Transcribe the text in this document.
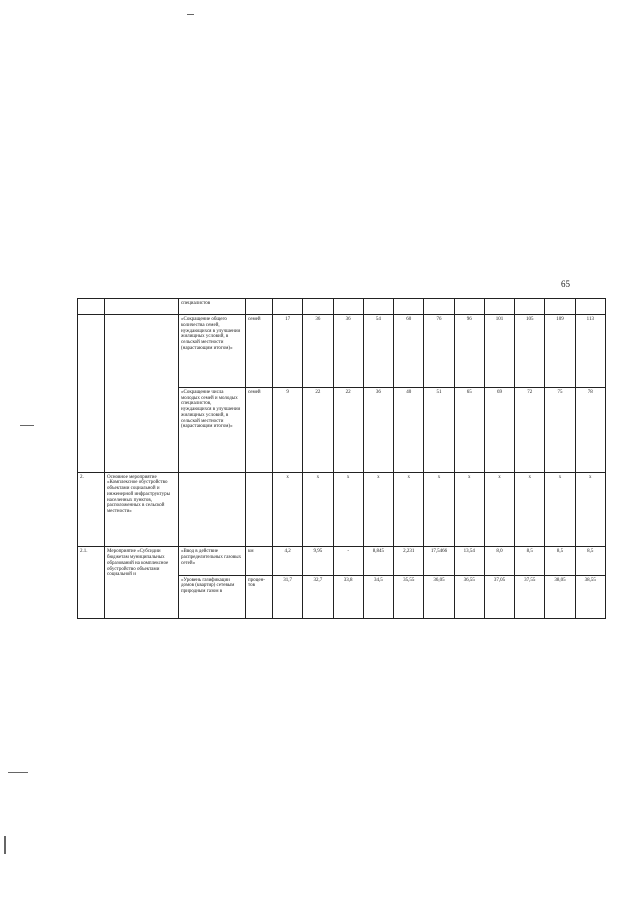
65
		специалистов												
		«Сокращение общего количества семей, нуждающихся в улучшении жилищных условий, в сельской местности (нарастающим итогом)»	семей	17	36	36	54	60	76	96	101	105	109	113
		«Сокращение числа молодых семей и молодых специалистов, нуждающихся в улучшении жилищных условий, в сельской местности (нарастающим итогом)»	семей	9	22	22	36	40	51	65	69	72	75	78
2.	Основное мероприятие «Комплексное обустройство объектами социальной и инженерной инфраструктуры населенных пунктов, расположенных в сельской местности»			х	х	х	х	х	х	х	х	х	х	х
2.1.	Мероприятие «Субсидии бюджетам муниципальных образований на комплексное обустройство объектами социальной и	«Ввод в действие распределительных газовых сетей»	км	4,2	9,95	-	8,845	2,231	17,5466	13,54	8,0	8,5	8,5	8,5
		«Уровень газификации домов (квартир) сетевым природным газом в	процен-тов	31,7	32,7	33,8	34,5	35,55	36,05	36,55	37,05	37,55	38,05	38,55
